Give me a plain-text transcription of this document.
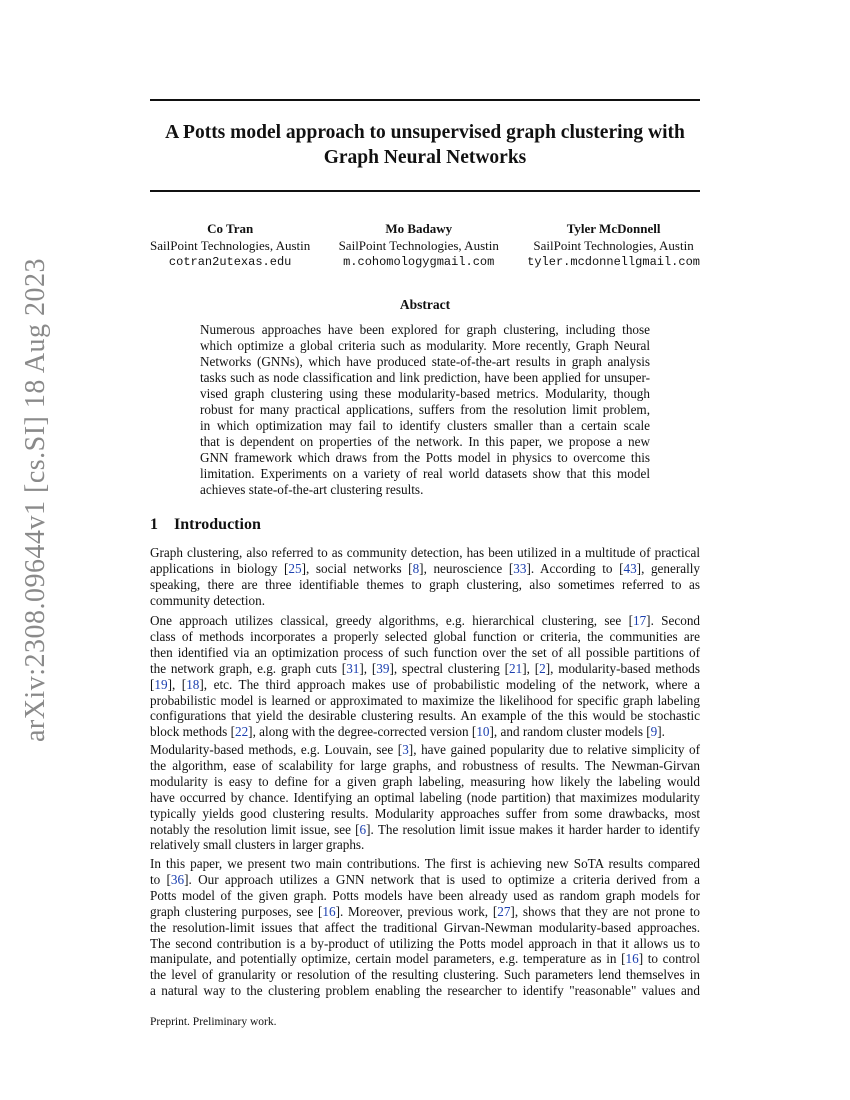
arXiv:2308.09644v1 [cs.SI] 18 Aug 2023
A Potts model approach to unsupervised graph clustering with
Graph Neural Networks
Co Tran
SailPoint Technologies, Austin
cotran2utexas.edu
Mo Badawy
SailPoint Technologies, Austin
m.cohomologygmail.com
Tyler McDonnell
SailPoint Technologies, Austin
tyler.mcdonnellgmail.com
Abstract
Numerous approaches have been explored for graph clustering, including those
which optimize a global criteria such as modularity. More recently, Graph Neural
Networks (GNNs), which have produced state-of-the-art results in graph analysis
tasks such as node classification and link prediction, have been applied for unsuper-
vised graph clustering using these modularity-based metrics. Modularity, though
robust for many practical applications, suffers from the resolution limit problem,
in which optimization may fail to identify clusters smaller than a certain scale
that is dependent on properties of the network. In this paper, we propose a new
GNN framework which draws from the Potts model in physics to overcome this
limitation. Experiments on a variety of real world datasets show that this model
achieves state-of-the-art clustering results.
1 Introduction
Graph clustering, also referred to as community detection, has been utilized in a multitude of practical
applications in biology [25], social networks [8], neuroscience [33]. According to [43], generally
speaking, there are three identifiable themes to graph clustering, also sometimes referred to as
community detection.
One approach utilizes classical, greedy algorithms, e.g. hierarchical clustering, see [17]. Second
class of methods incorporates a properly selected global function or criteria, the communities are
then identified via an optimization process of such function over the set of all possible partitions of
the network graph, e.g. graph cuts [31], [39], spectral clustering [21], [2], modularity-based methods
[19], [18], etc. The third approach makes use of probabilistic modeling of the network, where a
probabilistic model is learned or approximated to maximize the likelihood for specific graph labeling
configurations that yield the desirable clustering results. An example of the this would be stochastic
block methods [22], along with the degree-corrected version [10], and random cluster models [9].
Modularity-based methods, e.g. Louvain, see [3], have gained popularity due to relative simplicity of
the algorithm, ease of scalability for large graphs, and robustness of results. The Newman-Girvan
modularity is easy to define for a given graph labeling, measuring how likely the labeling would
have occurred by chance. Identifying an optimal labeling (node partition) that maximizes modularity
typically yields good clustering results. Modularity approaches suffer from some drawbacks, most
notably the resolution limit issue, see [6]. The resolution limit issue makes it harder harder to identify
relatively small clusters in larger graphs.
In this paper, we present two main contributions. The first is achieving new SoTA results compared
to [36]. Our approach utilizes a GNN network that is used to optimize a criteria derived from a
Potts model of the given graph. Potts models have been already used as random graph models for
graph clustering purposes, see [16]. Moreover, previous work, [27], shows that they are not prone to
the resolution-limit issues that affect the traditional Girvan-Newman modularity-based approaches.
The second contribution is a by-product of utilizing the Potts model approach in that it allows us to
manipulate, and potentially optimize, certain model parameters, e.g. temperature as in [16] to control
the level of granularity or resolution of the resulting clustering. Such parameters lend themselves in
a natural way to the clustering problem enabling the researcher to identify "reasonable" values and
Preprint. Preliminary work.
